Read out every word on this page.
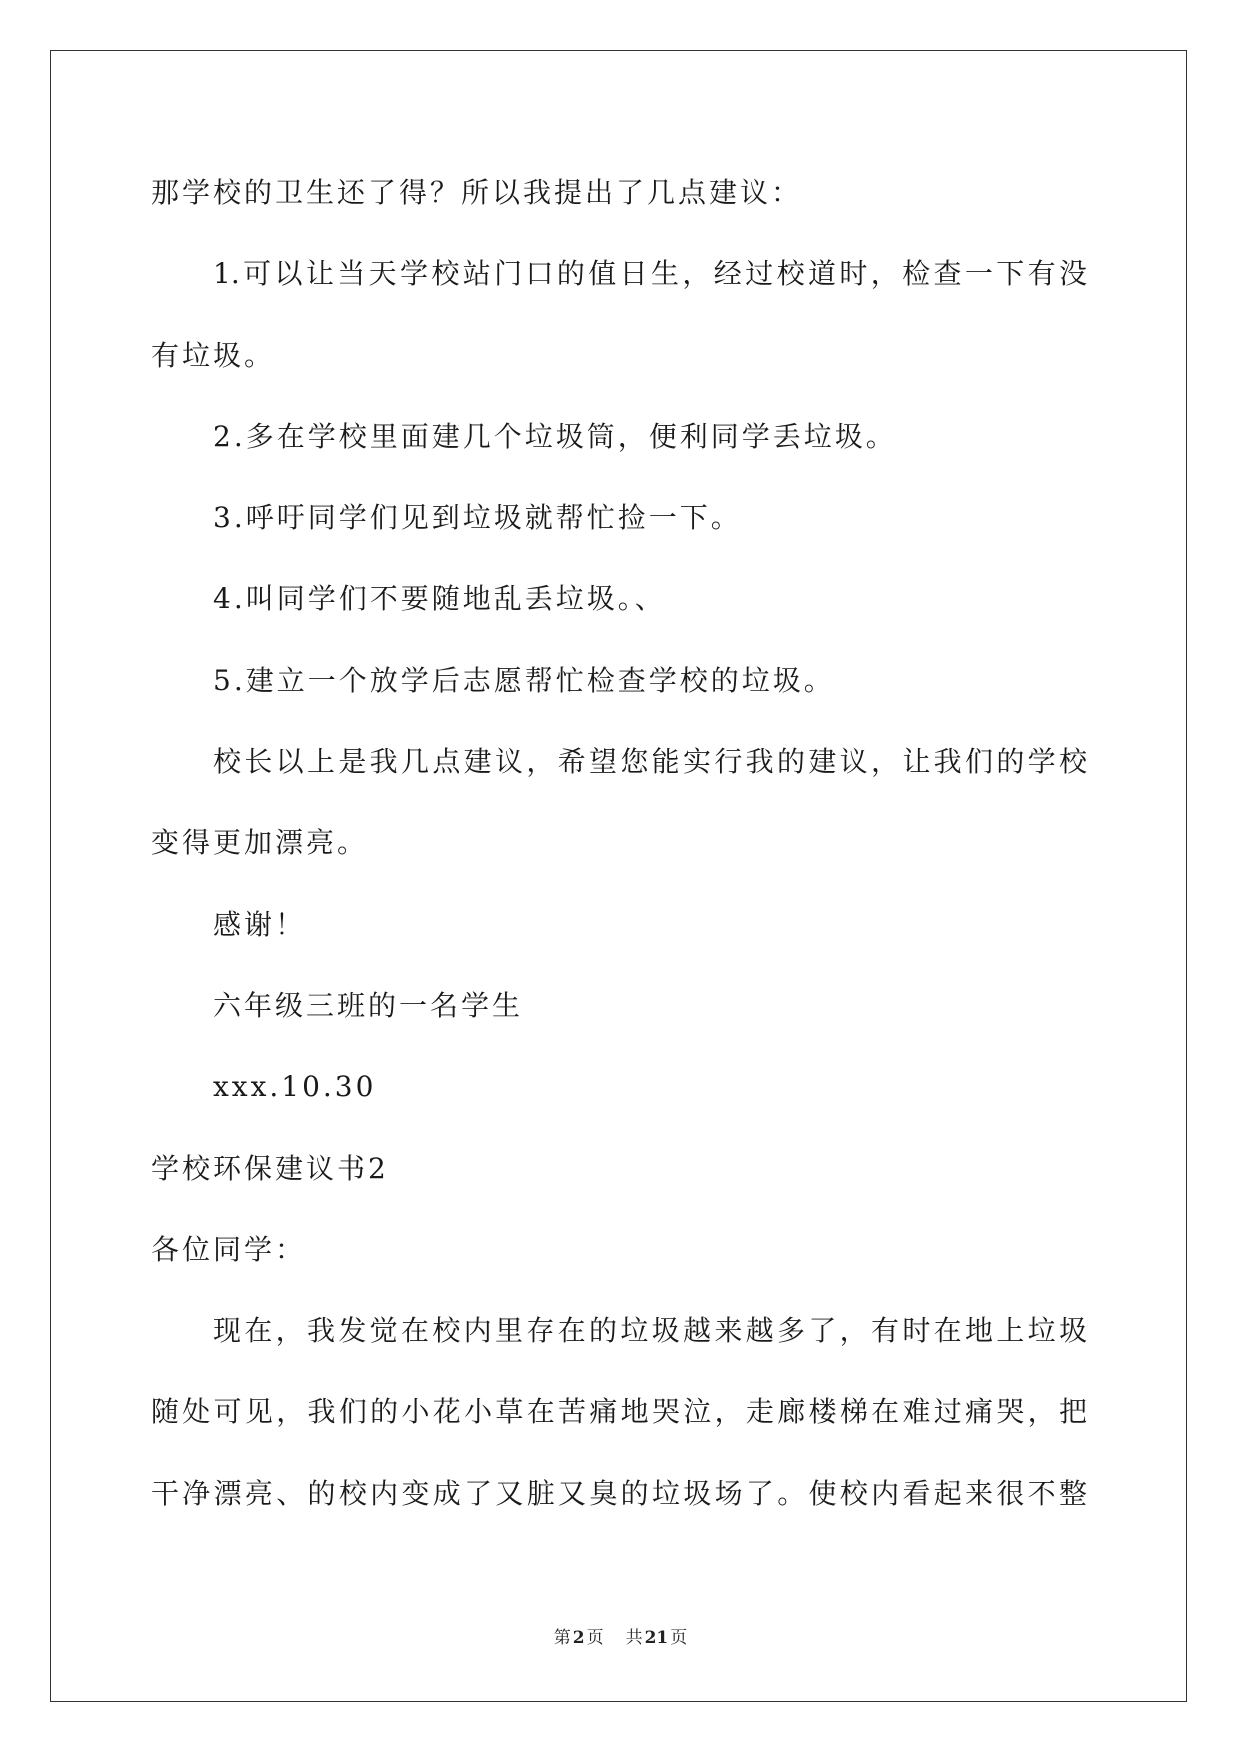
那学校的卫生还了得？所以我提出了几点建议：
1.可以让当天学校站门口的值日生，经过校道时，检查一下有没
有垃圾。
2.多在学校里面建几个垃圾筒，便利同学丢垃圾。
3.呼吁同学们见到垃圾就帮忙捡一下。
4.叫同学们不要随地乱丢垃圾。、
5.建立一个放学后志愿帮忙检查学校的垃圾。
校长以上是我几点建议，希望您能实行我的建议，让我们的学校
变得更加漂亮。
感谢！
六年级三班的一名学生
xxx.10.30
学校环保建议书2
各位同学：
现在，我发觉在校内里存在的垃圾越来越多了，有时在地上垃圾
随处可见，我们的小花小草在苦痛地哭泣，走廊楼梯在难过痛哭，把
干净漂亮、的校内变成了又脏又臭的垃圾场了。使校内看起来很不整
第 2 页 共 21 页
